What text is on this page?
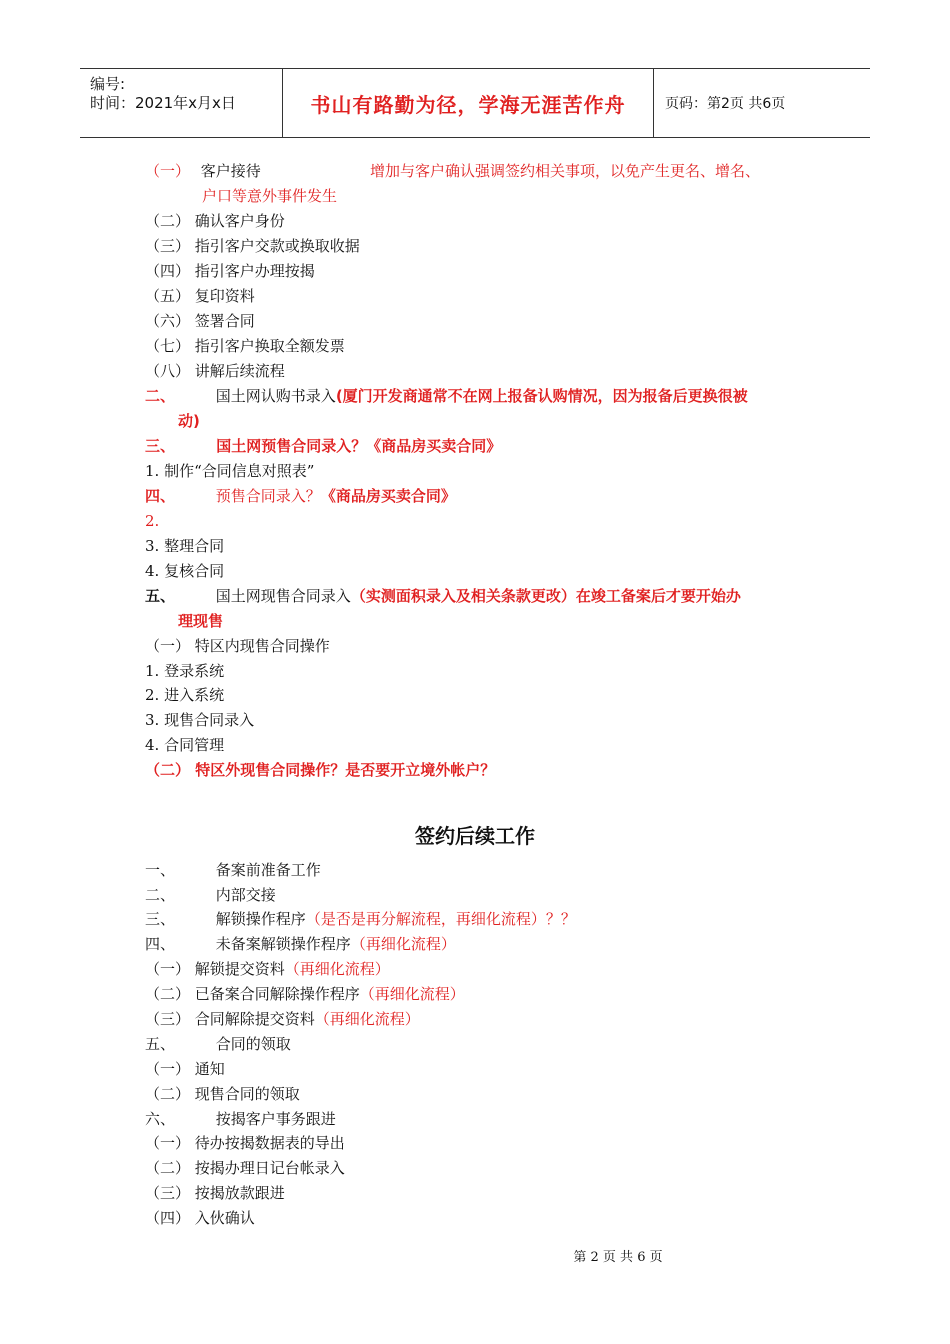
编号:
时间：2021年x月x日	书山有路勤为径，学海无涯苦作舟	页码：第2页 共6页
（一） 客户接待	增加与客户确认强调签约相关事项，以免产生更名、增名、
户口等意外事件发生
（二） 确认客户身份
（三） 指引客户交款或换取收据
（四） 指引客户办理按揭
（五） 复印资料
（六） 签署合同
（七） 指引客户换取全额发票
（八） 讲解后续流程
二、	国土网认购书录入(厦门开发商通常不在网上报备认购情况，因为报备后更换很被
动)
三、	国土网预售合同录入？《商品房买卖合同》
1. 制作“合同信息对照表”
四、	预售合同录入？《商品房买卖合同》
2.
3. 整理合同
4. 复核合同
五、	国土网现售合同录入（实测面积录入及相关条款更改）在竣工备案后才要开始办
理现售
（一） 特区内现售合同操作
1. 登录系统
2. 进入系统
3. 现售合同录入
4. 合同管理
（二） 特区外现售合同操作？是否要开立境外帐户？
签约后续工作
一、	备案前准备工作
二、	内部交接
三、	解锁操作程序（是否是再分解流程，再细化流程）？？
四、	未备案解锁操作程序（再细化流程）
（一） 解锁提交资料（再细化流程）
（二） 已备案合同解除操作程序（再细化流程）
（三） 合同解除提交资料（再细化流程）
五、	合同的领取
（一） 通知
（二） 现售合同的领取
六、	按揭客户事务跟进
（一） 待办按揭数据表的导出
（二） 按揭办理日记台帐录入
（三） 按揭放款跟进
（四） 入伙确认
第 2 页 共 6 页
